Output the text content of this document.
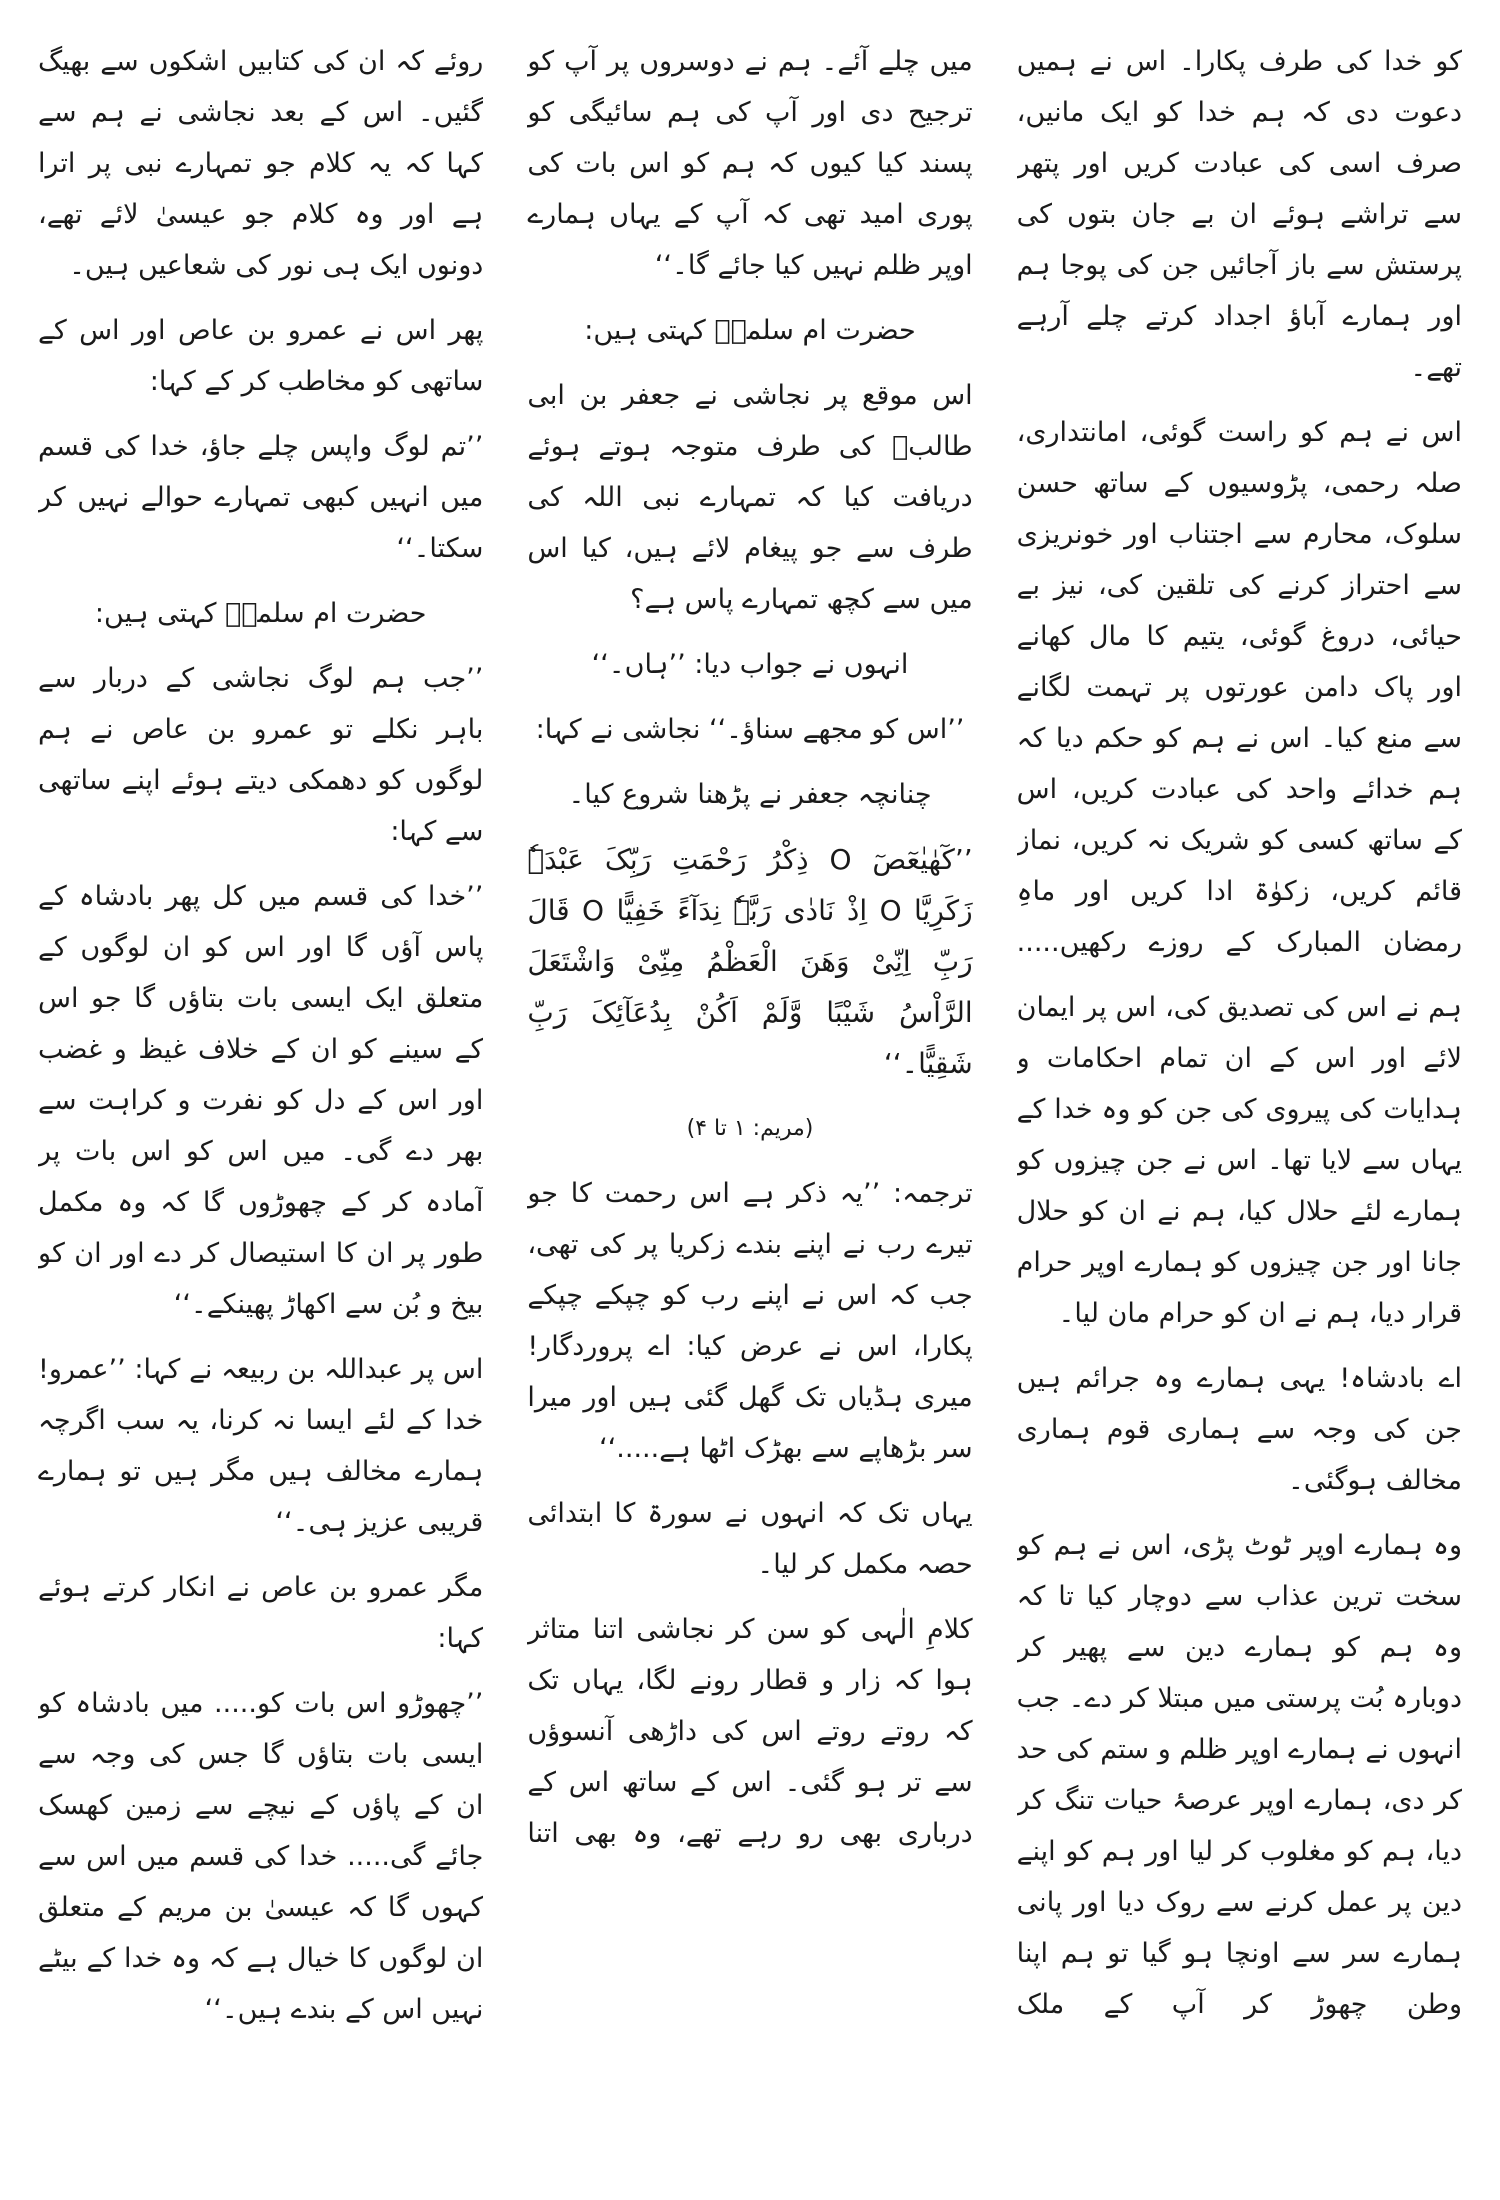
کو خدا کی طرف پکارا۔ اس نے ہمیں دعوت دی کہ ہم خدا کو ایک مانیں، صرف اسی کی عبادت کریں اور پتھر سے تراشے ہوئے ان بے جان بتوں کی پرستش سے باز آجائیں جن کی پوجا ہم اور ہمارے آباؤ اجداد کرتے چلے آرہے تھے۔

اس نے ہم کو راست گوئی، امانتداری، صلہ رحمی، پڑوسیوں کے ساتھ حسن سلوک، محارم سے اجتناب اور خونریزی سے احتراز کرنے کی تلقین کی، نیز بے حیائی، دروغ گوئی، یتیم کا مال کھانے اور پاک دامن عورتوں پر تہمت لگانے سے منع کیا۔ اس نے ہم کو حکم دیا کہ ہم خدائے واحد کی عبادت کریں، اس کے ساتھ کسی کو شریک نہ کریں، نماز قائم کریں، زکوٰۃ ادا کریں اور ماہِ رمضان المبارک کے روزے رکھیں.....

ہم نے اس کی تصدیق کی، اس پر ایمان لائے اور اس کے ان تمام احکامات و ہدایات کی پیروی کی جن کو وہ خدا کے یہاں سے لایا تھا۔ اس نے جن چیزوں کو ہمارے لئے حلال کیا، ہم نے ان کو حلال جانا اور جن چیزوں کو ہمارے اوپر حرام قرار دیا، ہم نے ان کو حرام مان لیا۔

اے بادشاہ! یہی ہمارے وہ جرائم ہیں جن کی وجہ سے ہماری قوم ہماری مخالف ہوگئی۔

وہ ہمارے اوپر ٹوٹ پڑی، اس نے ہم کو سخت ترین عذاب سے دوچار کیا تا کہ وہ ہم کو ہمارے دین سے پھیر کر دوبارہ بُت پرستی میں مبتلا کر دے۔ جب انہوں نے ہمارے اوپر ظلم و ستم کی حد کر دی، ہمارے اوپر عرصۂ حیات تنگ کر دیا، ہم کو مغلوب کر لیا اور ہم کو اپنے دین پر عمل کرنے سے روک دیا اور پانی ہمارے سر سے اونچا ہو گیا تو ہم اپنا وطن چھوڑ کر آپ کے ملک

میں چلے آئے۔ ہم نے دوسروں پر آپ کو ترجیح دی اور آپ کی ہم سائیگی کو پسند کیا کیوں کہ ہم کو اس بات کی پوری امید تھی کہ آپ کے یہاں ہمارے اوپر ظلم نہیں کیا جائے گا۔‘‘

حضرت ام سلمہؓ کہتی ہیں:

اس موقع پر نجاشی نے جعفر بن ابی طالبؓ کی طرف متوجہ ہوتے ہوئے دریافت کیا کہ تمہارے نبی اللہ کی طرف سے جو پیغام لائے ہیں، کیا اس میں سے کچھ تمہارے پاس ہے؟

انہوں نے جواب دیا: ’’ہاں۔‘‘

’’اس کو مجھے سناؤ۔‘‘ نجاشی نے کہا:

چنانچہ جعفر نے پڑھنا شروع کیا۔

’’کٓھٰیٰعٓصٓ O ذِکْرُ رَحْمَتِ رَبِّکَ عَبْدَہٗ زَکَرِیَّا O اِذْ نَادٰی رَبَّہٗ نِدَآءً خَفِیًّا O قَالَ رَبِّ اِنِّیْ وَھَنَ الْعَظْمُ مِنِّیْ وَاشْتَعَلَ الرَّاْسُ شَیْبًا وَّلَمْ اَکُنْ بِدُعَآئِکَ رَبِّ شَقِیًّا۔‘‘

(مریم: ۱ تا ۴)

ترجمہ: ’’یہ ذکر ہے اس رحمت کا جو تیرے رب نے اپنے بندے زکریا پر کی تھی، جب کہ اس نے اپنے رب کو چپکے چپکے پکارا، اس نے عرض کیا: اے پروردگار! میری ہڈیاں تک گھل گئی ہیں اور میرا سر بڑھاپے سے بھڑک اٹھا ہے.....‘‘

یہاں تک کہ انہوں نے سورۃ کا ابتدائی حصہ مکمل کر لیا۔

کلامِ الٰہی کو سن کر نجاشی اتنا متاثر ہوا کہ زار و قطار رونے لگا، یہاں تک کہ روتے روتے اس کی داڑھی آنسوؤں سے تر ہو گئی۔ اس کے ساتھ اس کے درباری بھی رو رہے تھے، وہ بھی اتنا

روئے کہ ان کی کتابیں اشکوں سے بھیگ گئیں۔ اس کے بعد نجاشی نے ہم سے کہا کہ یہ کلام جو تمہارے نبی پر اترا ہے اور وہ کلام جو عیسیٰ لائے تھے، دونوں ایک ہی نور کی شعاعیں ہیں۔

پھر اس نے عمرو بن عاص اور اس کے ساتھی کو مخاطب کر کے کہا:

’’تم لوگ واپس چلے جاؤ، خدا کی قسم میں انہیں کبھی تمہارے حوالے نہیں کر سکتا۔‘‘

حضرت ام سلمہؓ کہتی ہیں:

’’جب ہم لوگ نجاشی کے دربار سے باہر نکلے تو عمرو بن عاص نے ہم لوگوں کو دھمکی دیتے ہوئے اپنے ساتھی سے کہا:

’’خدا کی قسم میں کل پھر بادشاہ کے پاس آؤں گا اور اس کو ان لوگوں کے متعلق ایک ایسی بات بتاؤں گا جو اس کے سینے کو ان کے خلاف غیظ و غضب اور اس کے دل کو نفرت و کراہت سے بھر دے گی۔ میں اس کو اس بات پر آمادہ کر کے چھوڑوں گا کہ وہ مکمل طور پر ان کا استیصال کر دے اور ان کو بیخ و بُن سے اکھاڑ پھینکے۔‘‘

اس پر عبداللہ بن ربیعہ نے کہا: ’’عمرو! خدا کے لئے ایسا نہ کرنا، یہ سب اگرچہ ہمارے مخالف ہیں مگر ہیں تو ہمارے قریبی عزیز ہی۔‘‘

مگر عمرو بن عاص نے انکار کرتے ہوئے کہا:

’’چھوڑو اس بات کو..... میں بادشاہ کو ایسی بات بتاؤں گا جس کی وجہ سے ان کے پاؤں کے نیچے سے زمین کھسک جائے گی..... خدا کی قسم میں اس سے کہوں گا کہ عیسیٰ بن مریم کے متعلق ان لوگوں کا خیال ہے کہ وہ خدا کے بیٹے نہیں اس کے بندے ہیں۔‘‘
